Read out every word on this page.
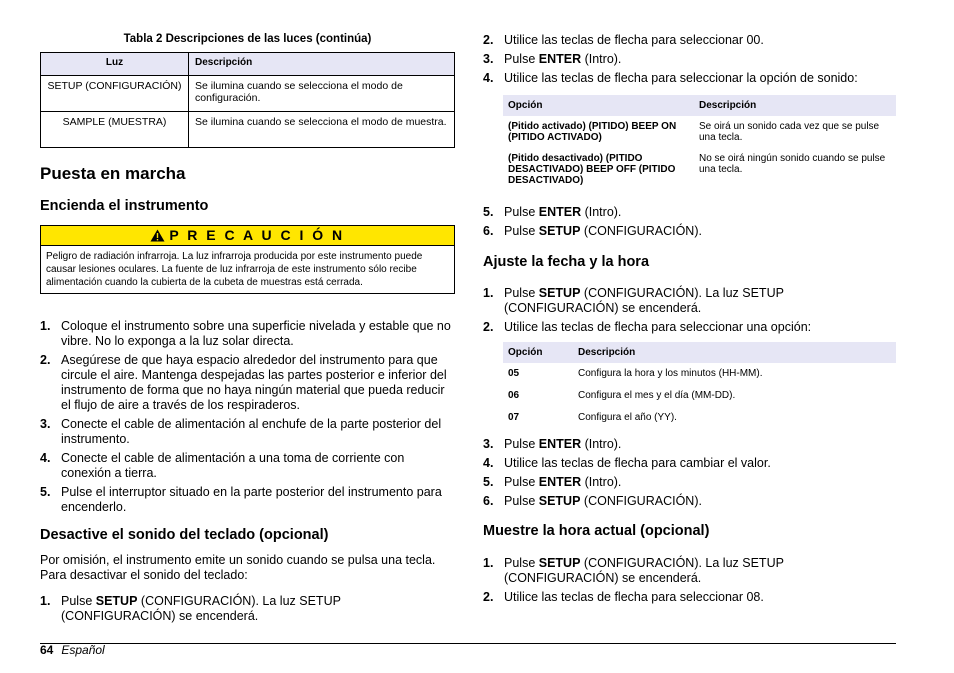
Tabla 2 Descripciones de las luces (continúa)
Luz	Descripción
SETUP (CONFIGURACIÓN)	Se ilumina cuando se selecciona el modo de configuración.
SAMPLE (MUESTRA)	Se ilumina cuando se selecciona el modo de muestra.
Puesta en marcha
Encienda el instrumento
P R E C A U C I Ó N
Peligro de radiación infrarroja. La luz infrarroja producida por este instrumento puede causar lesiones oculares. La fuente de luz infrarroja de este instrumento sólo recibe alimentación cuando la cubierta de la cubeta de muestras está cerrada.
1. Coloque el instrumento sobre una superficie nivelada y estable que no vibre. No lo exponga a la luz solar directa.
2. Asegúrese de que haya espacio alrededor del instrumento para que circule el aire. Mantenga despejadas las partes posterior e inferior del instrumento de forma que no haya ningún material que pueda reducir el flujo de aire a través de los respiraderos.
3. Conecte el cable de alimentación al enchufe de la parte posterior del instrumento.
4. Conecte el cable de alimentación a una toma de corriente con conexión a tierra.
5. Pulse el interruptor situado en la parte posterior del instrumento para encenderlo.
Desactive el sonido del teclado (opcional)

Por omisión, el instrumento emite un sonido cuando se pulsa una tecla. Para desactivar el sonido del teclado:

1. Pulse SETUP (CONFIGURACIÓN). La luz SETUP (CONFIGURACIÓN) se encenderá.
2. Utilice las teclas de flecha para seleccionar 00.
3. Pulse ENTER (Intro).
4. Utilice las teclas de flecha para seleccionar la opción de sonido:
Opción	Descripción
(Pitido activado) (PITIDO) BEEP ON (PITIDO ACTIVADO)	Se oirá un sonido cada vez que se pulse una tecla.
(Pitido desactivado) (PITIDO DESACTIVADO) BEEP OFF (PITIDO DESACTIVADO)	No se oirá ningún sonido cuando se pulse una tecla.
5. Pulse ENTER (Intro).
6. Pulse SETUP (CONFIGURACIÓN).
Ajuste la fecha y la hora
1. Pulse SETUP (CONFIGURACIÓN). La luz SETUP (CONFIGURACIÓN) se encenderá.
2. Utilice las teclas de flecha para seleccionar una opción:
Opción	Descripción
05	Configura la hora y los minutos (HH-MM).
06	Configura el mes y el día (MM-DD).
07	Configura el año (YY).
3. Pulse ENTER (Intro).
4. Utilice las teclas de flecha para cambiar el valor.
5. Pulse ENTER (Intro).
6. Pulse SETUP (CONFIGURACIÓN).
Muestre la hora actual (opcional)
1. Pulse SETUP (CONFIGURACIÓN). La luz SETUP (CONFIGURACIÓN) se encenderá.
2. Utilice las teclas de flecha para seleccionar 08.
64 Español
